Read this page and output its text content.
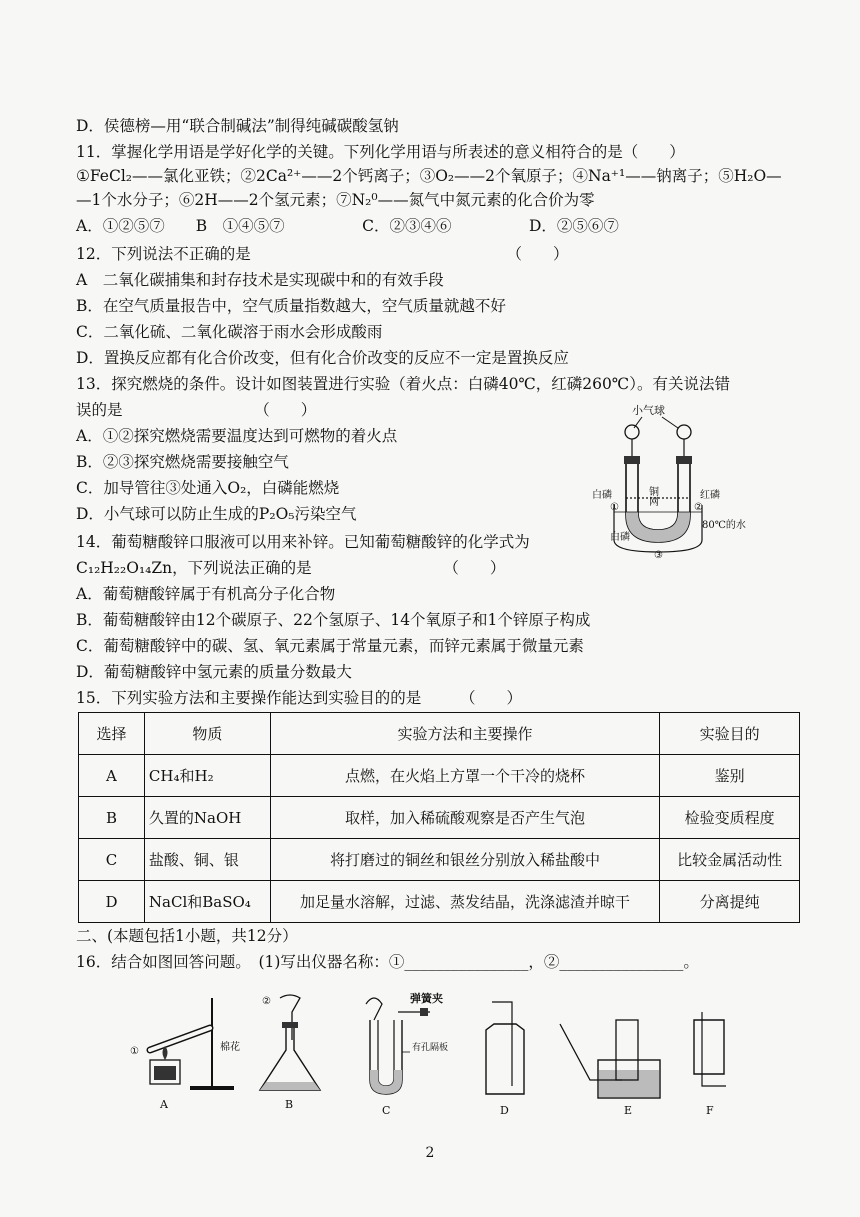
D．侯德榜—用“联合制碱法”制得纯碱碳酸氢钠
11．掌握化学用语是学好化学的关键。下列化学用语与所表述的意义相符合的是（　　）
①FeCl₂——氯化亚铁；②2Ca²⁺——2个钙离子；③O₂——2个氧原子；④Na⁺¹——钠离子；⑤H₂O—
—1个水分子；⑥2H——2个氢元素；⑦N₂⁰——氮气中氮元素的化合价为零
A．①②⑤⑦　　B　①④⑤⑦　　　　　C．②③④⑥　　　　　D．②⑤⑥⑦
12．下列说法不正确的是　　　　　　　　　　　　　　　　　（　　）
A　二氧化碳捕集和封存技术是实现碳中和的有效手段
B．在空气质量报告中，空气质量指数越大，空气质量就越不好
C．二氧化硫、二氧化碳溶于雨水会形成酸雨
D．置换反应都有化合价改变，但有化合价改变的反应不一定是置换反应
13．探究燃烧的条件。设计如图装置进行实验（着火点：白磷40℃，红磷260℃）。有关说法错
误的是　　　　　　　　　（　　）
A．①②探究燃烧需要温度达到可燃物的着火点
B．②③探究燃烧需要接触空气
C．加导管往③处通入O₂，白磷能燃烧
D．小气球可以防止生成的P₂O₅污染空气
小气球
铜网
白磷	红磷
①	②
③
白磷
80℃的水
14．葡萄糖酸锌口服液可以用来补锌。已知葡萄糖酸锌的化学式为
C₁₂H₂₂O₁₄Zn，下列说法正确的是　　　　　　　　　（　　）
A．葡萄糖酸锌属于有机高分子化合物
B．葡萄糖酸锌由12个碳原子、22个氢原子、14个氧原子和1个锌原子构成
C．葡萄糖酸锌中的碳、氢、氧元素属于常量元素，而锌元素属于微量元素
D．葡萄糖酸锌中氢元素的质量分数最大
15．下列实验方法和主要操作能达到实验目的的是　　　（　　）
选择	物质	实验方法和主要操作	实验目的
A	CH₄和H₂	点燃，在火焰上方罩一个干冷的烧杯	鉴别
B	久置的NaOH	取样，加入稀硫酸观察是否产生气泡	检验变质程度
C	盐酸、铜、银	将打磨过的铜丝和银丝分别放入稀盐酸中	比较金属活动性
D	NaCl和BaSO₄	加足量水溶解，过滤、蒸发结晶，洗涤滤渣并晾干	分离提纯
二、(本题包括1小题，共12分）
16．结合如图回答问题。　(1)写出仪器名称：①________________，②________________。
①	棉花
A
②
B
弹簧夹
有孔隔板
C	D	E	F
2
